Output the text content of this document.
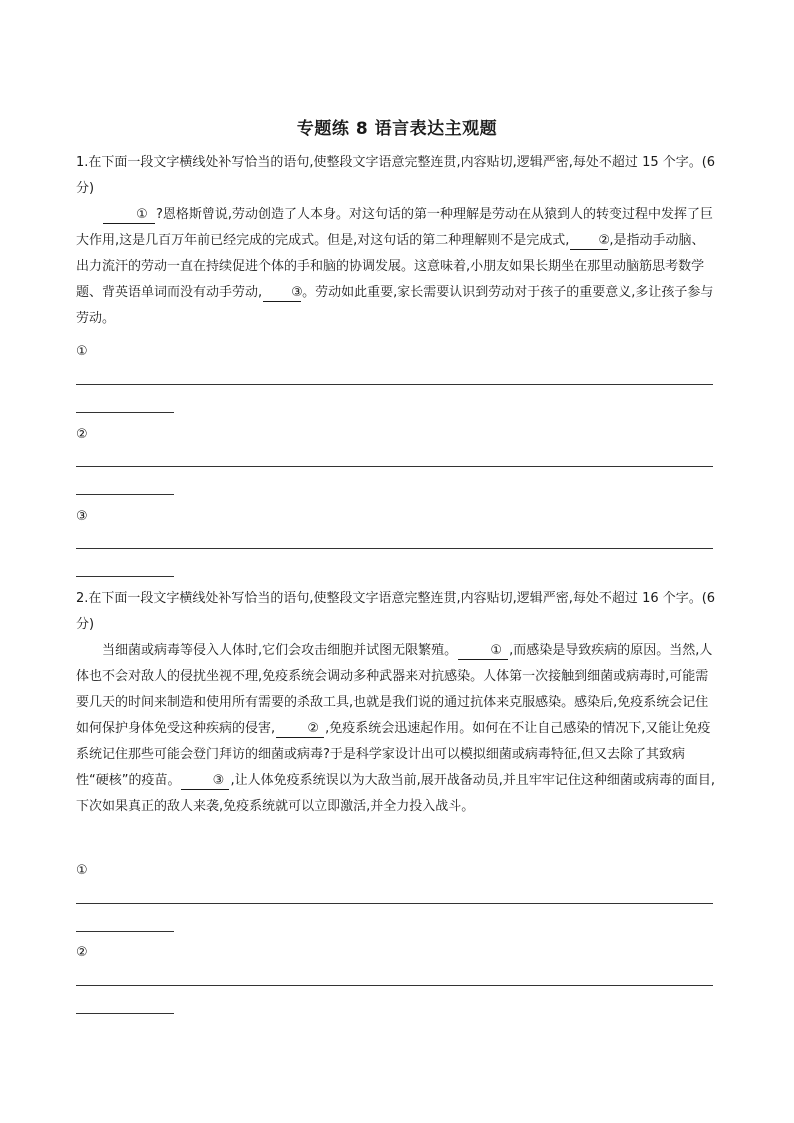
专题练 8 语言表达主观题

1.在下面一段文字横线处补写恰当的语句,使整段文字语意完整连贯,内容贴切,逻辑严密,每处不超过 15 个字。(6 分)

① ?恩格斯曾说,劳动创造了人本身。对这句话的第一种理解是劳动在从猿到人的转变过程中发挥了巨大作用,这是几百万年前已经完成的完成式。但是,对这句话的第二种理解则不是完成式, ②,是指动手动脑、出力流汗的劳动一直在持续促进个体的手和脑的协调发展。这意味着,小朋友如果长期坐在那里动脑筋思考数学题、背英语单词而没有动手劳动, ③。劳动如此重要,家长需要认识到劳动对于孩子的重要意义,多让孩子参与劳动。

①
②
③

2.在下面一段文字横线处补写恰当的语句,使整段文字语意完整连贯,内容贴切,逻辑严密,每处不超过 16 个字。(6 分)

当细菌或病毒等侵入人体时,它们会攻击细胞并试图无限繁殖。	① ,而感染是导致疾病的原因。当然,人体也不会对敌人的侵扰坐视不理,免疫系统会调动多种武器来对抗感染。人体第一次接触到细菌或病毒时,可能需要几天的时间来制造和使用所有需要的杀敌工具,也就是我们说的通过抗体来克服感染。感染后,免疫系统会记住如何保护身体免受这种疾病的侵害, ② ,免疫系统会迅速起作用。如何在不让自己感染的情况下,又能让免疫系统记住那些可能会登门拜访的细菌或病毒?于是科学家设计出可以模拟细菌或病毒特征,但又去除了其致病性“硬核”的疫苗。 ③ ,让人体免疫系统误以为大敌当前,展开战备动员,并且牢牢记住这种细菌或病毒的面目,下次如果真正的敌人来袭,免疫系统就可以立即激活,并全力投入战斗。

①
②
